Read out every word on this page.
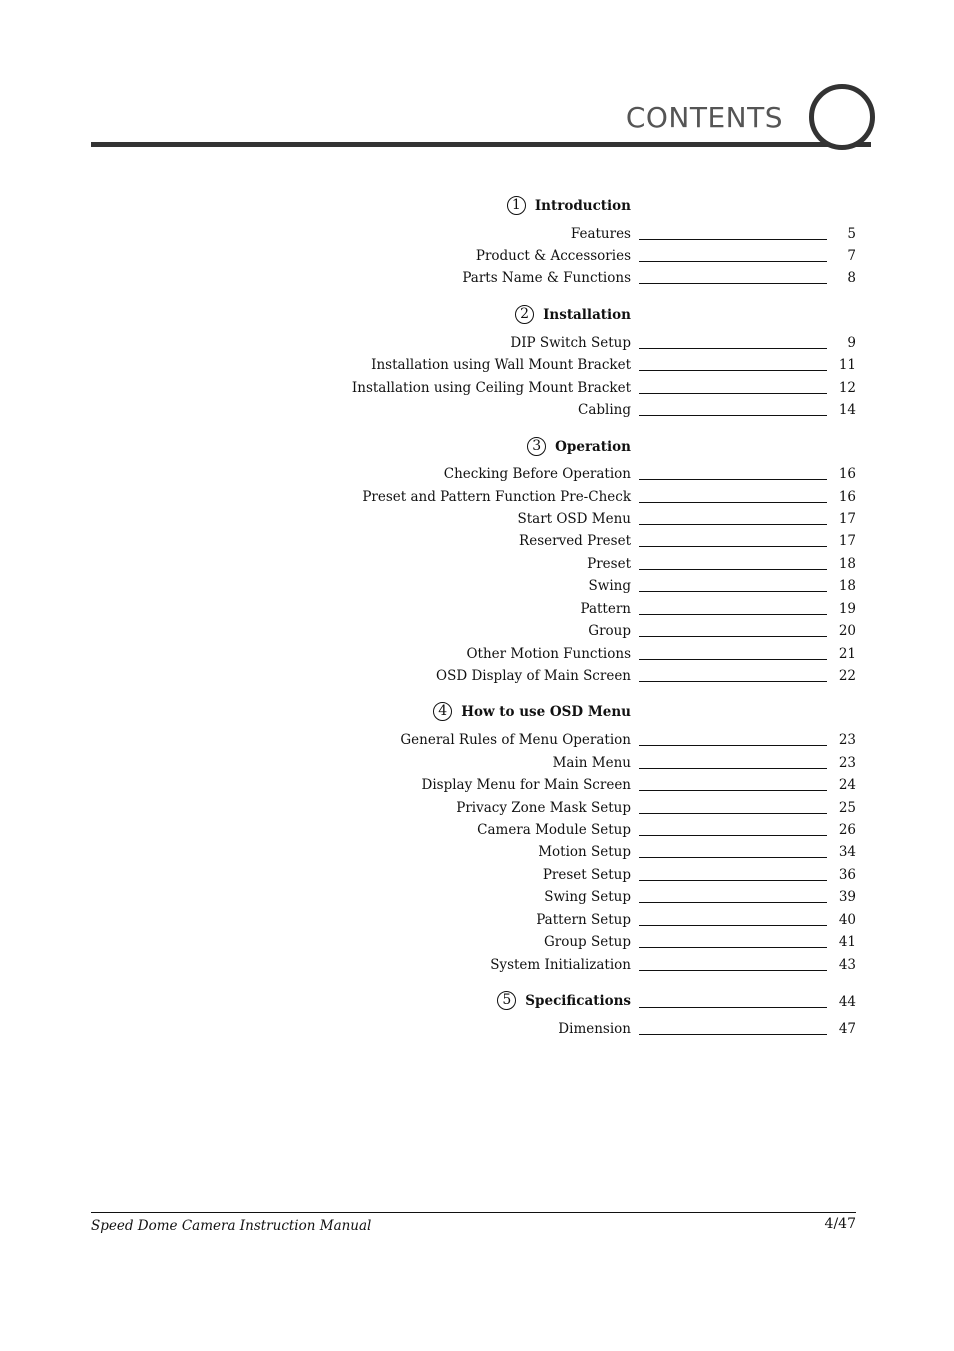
CONTENTS
1 Introduction
Features	5
Product & Accessories	7
Parts Name & Functions	8
2 Installation
DIP Switch Setup	9
Installation using Wall Mount Bracket	11
Installation using Ceiling Mount Bracket	12
Cabling	14
3 Operation
Checking Before Operation	16
Preset and Pattern Function Pre-Check	16
Start OSD Menu	17
Reserved Preset	17
Preset	18
Swing	18
Pattern	19
Group	20
Other Motion Functions	21
OSD Display of Main Screen	22
4 How to use OSD Menu
General Rules of Menu Operation	23
Main Menu	23
Display Menu for Main Screen	24
Privacy Zone Mask Setup	25
Camera Module Setup	26
Motion Setup	34
Preset Setup	36
Swing Setup	39
Pattern Setup	40
Group Setup	41
System Initialization	43
5 Specifications	44
Dimension	47
Speed Dome Camera Instruction Manual	4/47
